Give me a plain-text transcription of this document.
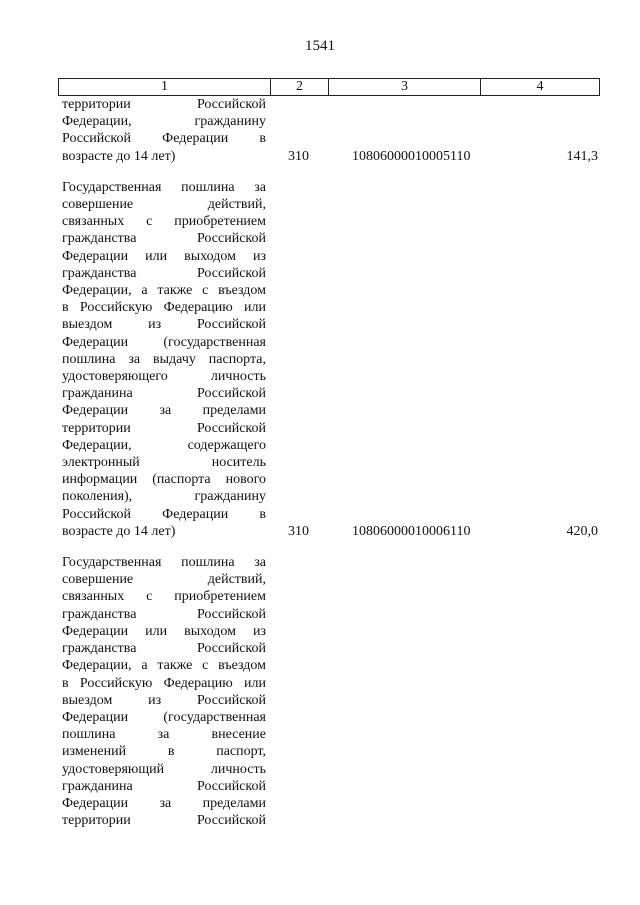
1541
1	2	3	4
территории Российской
Федерации, гражданину
Российской Федерации в
возрасте до 14 лет)	310	10806000010005110	141,3
Государственная пошлина за
совершение действий,
связанных с приобретением
гражданства Российской
Федерации или выходом из
гражданства Российской
Федерации, а также с въездом
в Российскую Федерацию или
выездом из Российской
Федерации (государственная
пошлина за выдачу паспорта,
удостоверяющего личность
гражданина Российской
Федерации за пределами
территории Российской
Федерации, содержащего
электронный носитель
информации (паспорта нового
поколения), гражданину
Российской Федерации в
возрасте до 14 лет)	310	10806000010006110	420,0
Государственная пошлина за
совершение действий,
связанных с приобретением
гражданства Российской
Федерации или выходом из
гражданства Российской
Федерации, а также с въездом
в Российскую Федерацию или
выездом из Российской
Федерации (государственная
пошлина за внесение
изменений в паспорт,
удостоверяющий личность
гражданина Российской
Федерации за пределами
территории Российской
